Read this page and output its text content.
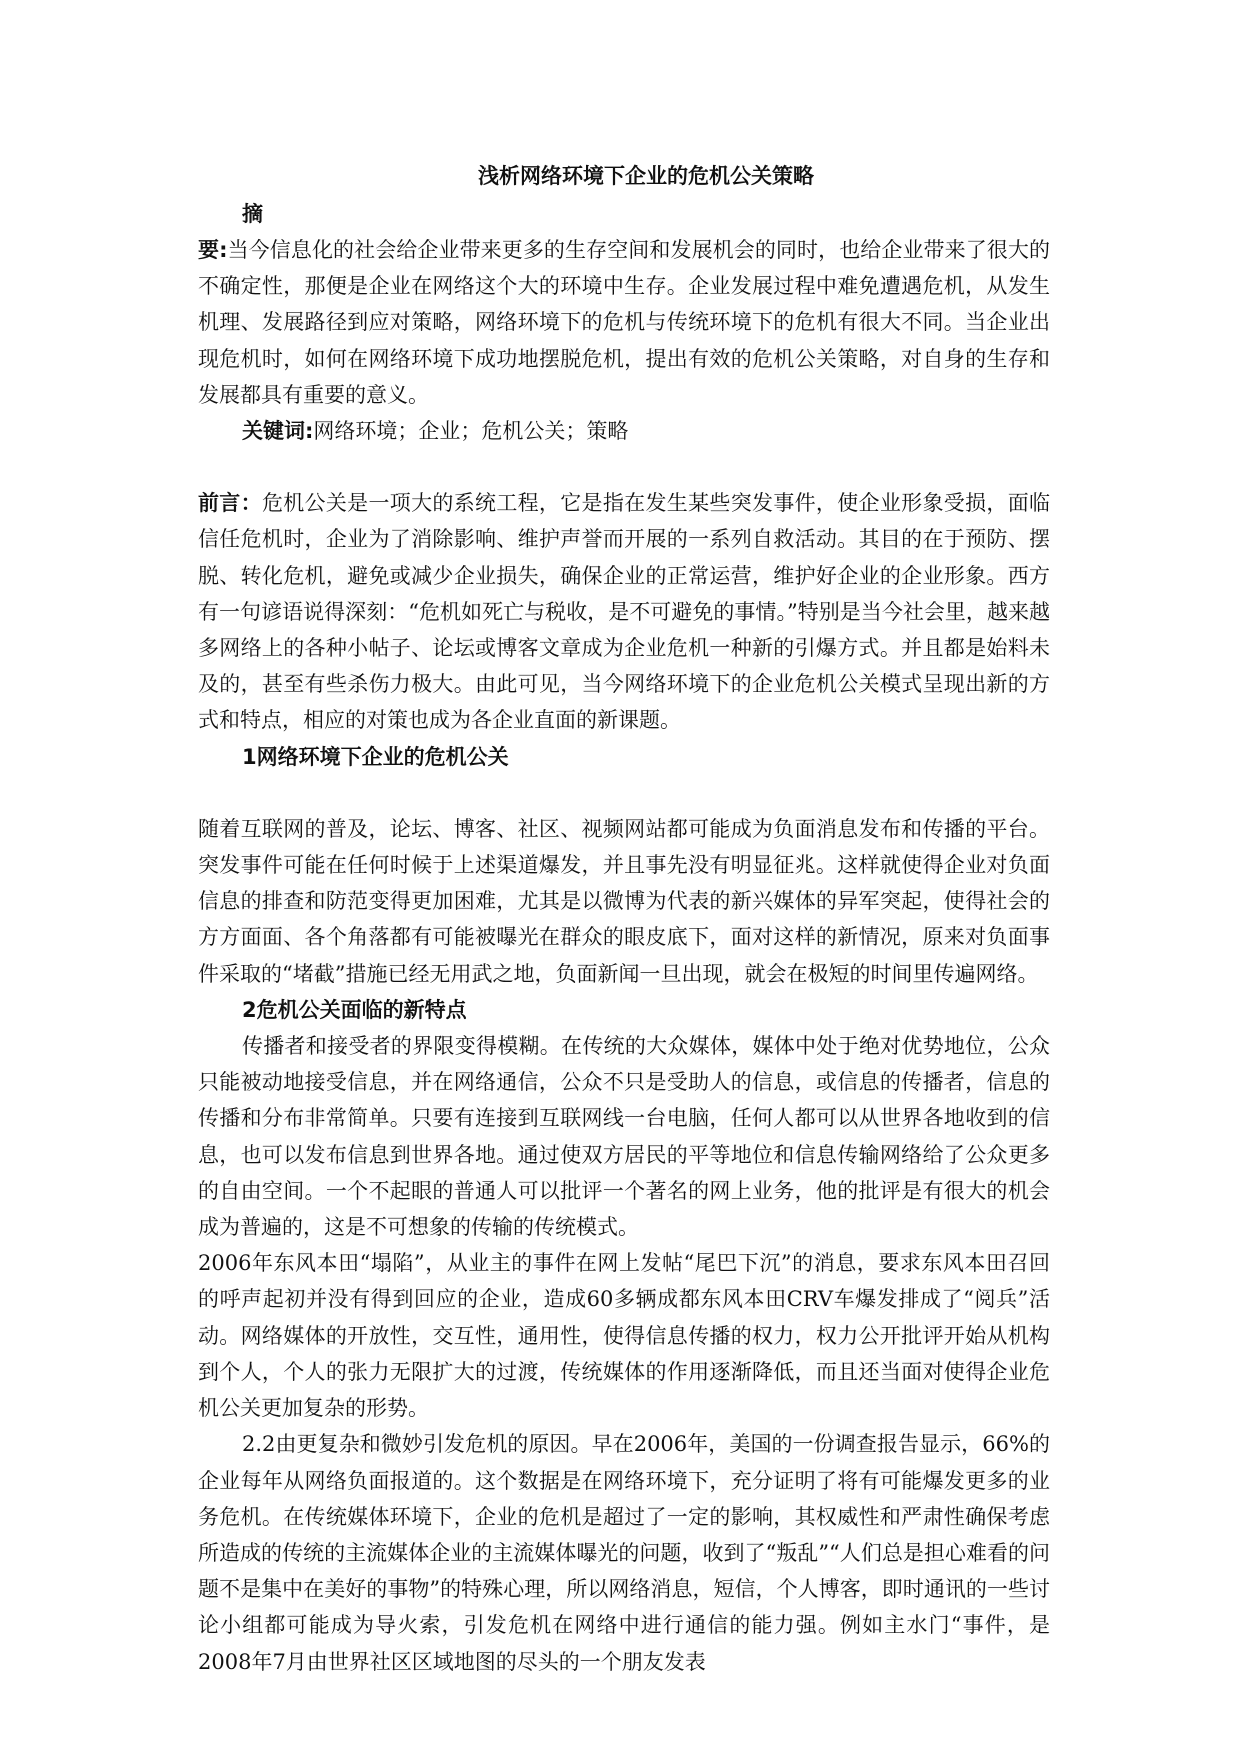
浅析网络环境下企业的危机公关策略
摘

要:当今信息化的社会给企业带来更多的生存空间和发展机会的同时，也给企业带来了很大的不确定性，那便是企业在网络这个大的环境中生存。企业发展过程中难免遭遇危机，从发生机理、发展路径到应对策略，网络环境下的危机与传统环境下的危机有很大不同。当企业出现危机时，如何在网络环境下成功地摆脱危机，提出有效的危机公关策略，对自身的生存和发展都具有重要的意义。

关键词:网络环境；企业；危机公关；策略

前言：危机公关是一项大的系统工程，它是指在发生某些突发事件，使企业形象受损，面临信任危机时，企业为了消除影响、维护声誉而开展的一系列自救活动。其目的在于预防、摆脱、转化危机，避免或减少企业损失，确保企业的正常运营，维护好企业的企业形象。西方有一句谚语说得深刻：“危机如死亡与税收，是不可避免的事情。”特别是当今社会里，越来越多网络上的各种小帖子、论坛或博客文章成为企业危机一种新的引爆方式。并且都是始料未及的，甚至有些杀伤力极大。由此可见，当今网络环境下的企业危机公关模式呈现出新的方式和特点，相应的对策也成为各企业直面的新课题。

1网络环境下企业的危机公关

随着互联网的普及，论坛、博客、社区、视频网站都可能成为负面消息发布和传播的平台。突发事件可能在任何时候于上述渠道爆发，并且事先没有明显征兆。这样就使得企业对负面信息的排查和防范变得更加困难，尤其是以微博为代表的新兴媒体的异军突起，使得社会的方方面面、各个角落都有可能被曝光在群众的眼皮底下，面对这样的新情况，原来对负面事件采取的“堵截”措施已经无用武之地，负面新闻一旦出现，就会在极短的时间里传遍网络。

2危机公关面临的新特点

传播者和接受者的界限变得模糊。在传统的大众媒体，媒体中处于绝对优势地位，公众只能被动地接受信息，并在网络通信，公众不只是受助人的信息，或信息的传播者，信息的传播和分布非常简单。只要有连接到互联网线一台电脑，任何人都可以从世界各地收到的信息，也可以发布信息到世界各地。通过使双方居民的平等地位和信息传输网络给了公众更多的自由空间。一个不起眼的普通人可以批评一个著名的网上业务，他的批评是有很大的机会成为普遍的，这是不可想象的传输的传统模式。

2006年东风本田“塌陷”，从业主的事件在网上发帖“尾巴下沉”的消息，要求东风本田召回的呼声起初并没有得到回应的企业，造成60多辆成都东风本田CRV车爆发排成了“阅兵”活动。网络媒体的开放性，交互性，通用性，使得信息传播的权力，权力公开批评开始从机构到个人，个人的张力无限扩大的过渡，传统媒体的作用逐渐降低，而且还当面对使得企业危机公关更加复杂的形势。

2.2由更复杂和微妙引发危机的原因。早在2006年，美国的一份调查报告显示，66%的企业每年从网络负面报道的。这个数据是在网络环境下，充分证明了将有可能爆发更多的业务危机。在传统媒体环境下，企业的危机是超过了一定的影响，其权威性和严肃性确保考虑所造成的传统的主流媒体企业的主流媒体曝光的问题，收到了“叛乱”“人们总是担心难看的问题不是集中在美好的事物”的特殊心理，所以网络消息，短信，个人博客，即时通讯的一些讨论小组都可能成为导火索，引发危机在网络中进行通信的能力强。例如主水门“事件，是2008年7月由世界社区区域地图的尽头的一个朋友发表
